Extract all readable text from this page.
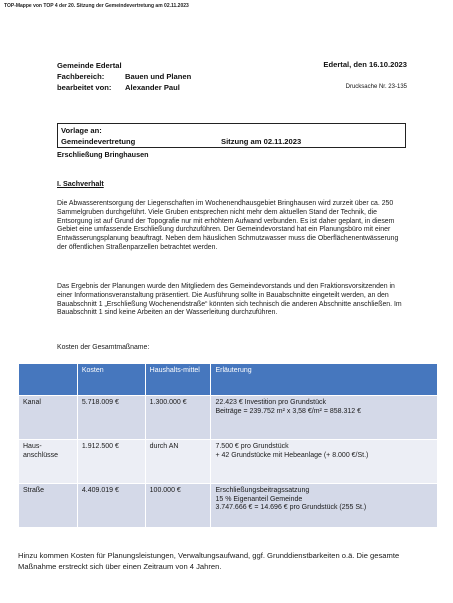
TOP-Mappe von TOP 4 der 20. Sitzung der Gemeindevertretung am 02.11.2023
Gemeinde Edertal
Fachbereich:	Bauen und Planen
bearbeitet von:	Alexander Paul
Edertal, den 16.10.2023
Drucksache Nr. 23-135
Vorlage an:
Gemeindevertretung	Sitzung am 02.11.2023
Erschließung Bringhausen
I. Sachverhalt
Die Abwasserentsorgung der Liegenschaften im Wochenendhausgebiet Bringhausen wird zurzeit über ca. 250 Sammelgruben durchgeführt. Viele Gruben entsprechen nicht mehr dem aktuellen Stand der Technik, die Entsorgung ist auf Grund der Topografie nur mit erhöhtem Aufwand verbunden. Es ist daher geplant, in diesem Gebiet eine umfassende Erschließung durchzuführen. Der Gemeindevorstand hat ein Planungsbüro mit einer Entwässerungsplanung beauftragt. Neben dem häuslichen Schmutzwasser muss die Oberflächenentwässerung der öffentlichen Straßenparzellen betrachtet werden.
Das Ergebnis der Planungen wurde den Mitgliedern des Gemeindevorstands und den Fraktionsvorsitzenden in einer Informationsveranstaltung präsentiert. Die Ausführung sollte in Bauabschnitte eingeteilt werden, an den Bauabschnitt 1 „Erschließung Wochenendstraße“ könnten sich technisch die anderen Abschnitte anschließen. Im Bauabschnitt 1 sind keine Arbeiten an der Wasserleitung durchzuführen.
Kosten der Gesamtmaßname:
	Kosten	Haushalts-mittel	Erläuterung
Kanal	5.718.009 €	1.300.000 €	22.423 € Investition pro Grundstück
Beiträge = 239.752 m² x 3,58 €/m² = 858.312 €

Haus-anschlüsse	1.912.500 €	durch AN	7.500 € pro Grundstück
+ 42 Grundstücke mit Hebeanlage (+ 8.000 €/St.)

Straße	4.409.019 €	100.000 €	Erschließungsbeitragssatzung
15 % Eigenanteil Gemeinde
3.747.666 € = 14.696 € pro Grundstück (255 St.)
Hinzu kommen Kosten für Planungsleistungen, Verwaltungsaufwand, ggf. Grunddienstbarkeiten o.ä. Die gesamte Maßnahme erstreckt sich über einen Zeitraum von 4 Jahren.
